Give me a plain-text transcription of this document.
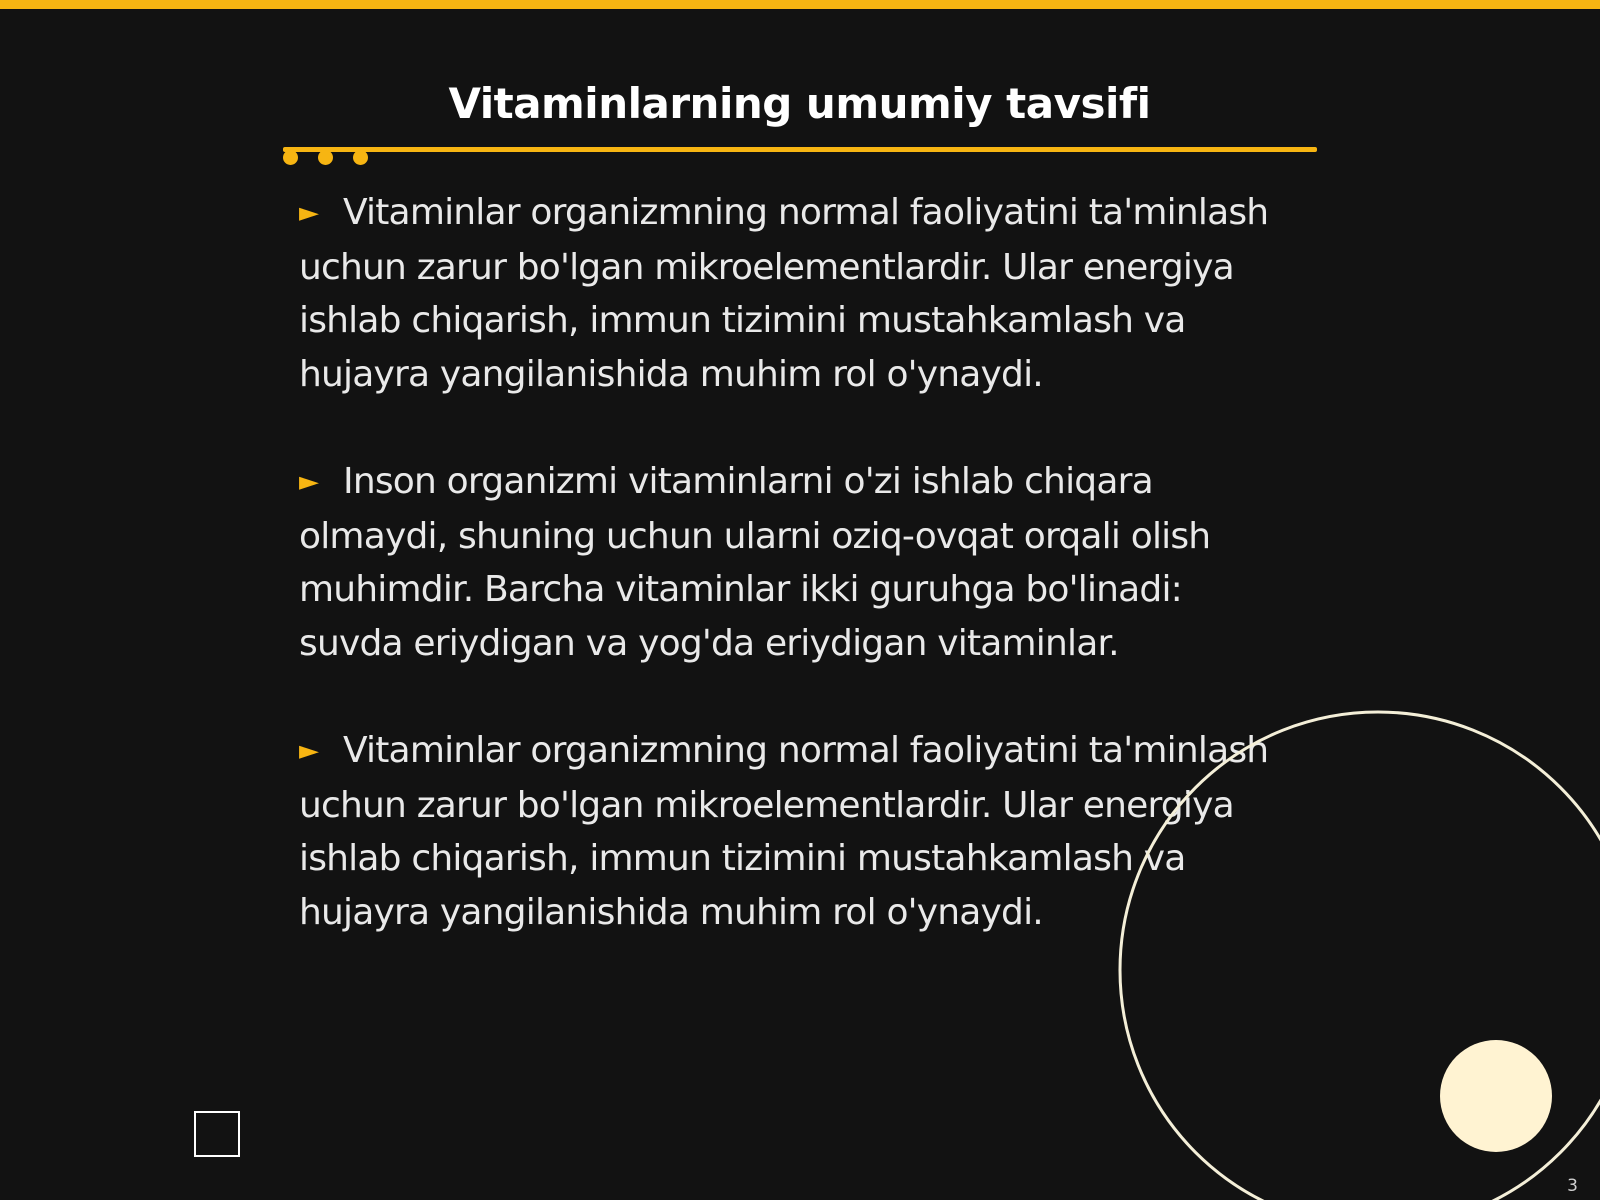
Vitaminlarning umumiy tavsifi

► Vitaminlar organizmning normal faoliyatini ta'minlash uchun zarur bo'lgan mikroelementlardir. Ular energiya ishlab chiqarish, immun tizimini mustahkamlash va hujayra yangilanishida muhim rol o'ynaydi.

► Inson organizmi vitaminlarni o'zi ishlab chiqara olmaydi, shuning uchun ularni oziq-ovqat orqali olish muhimdir. Barcha vitaminlar ikki guruhga bo'linadi: suvda eriydigan va yog'da eriydigan vitaminlar.

► Vitaminlar organizmning normal faoliyatini ta'minlash uchun zarur bo'lgan mikroelementlardir. Ular energiya ishlab chiqarish, immun tizimini mustahkamlash va hujayra yangilanishida muhim rol o'ynaydi.

3
